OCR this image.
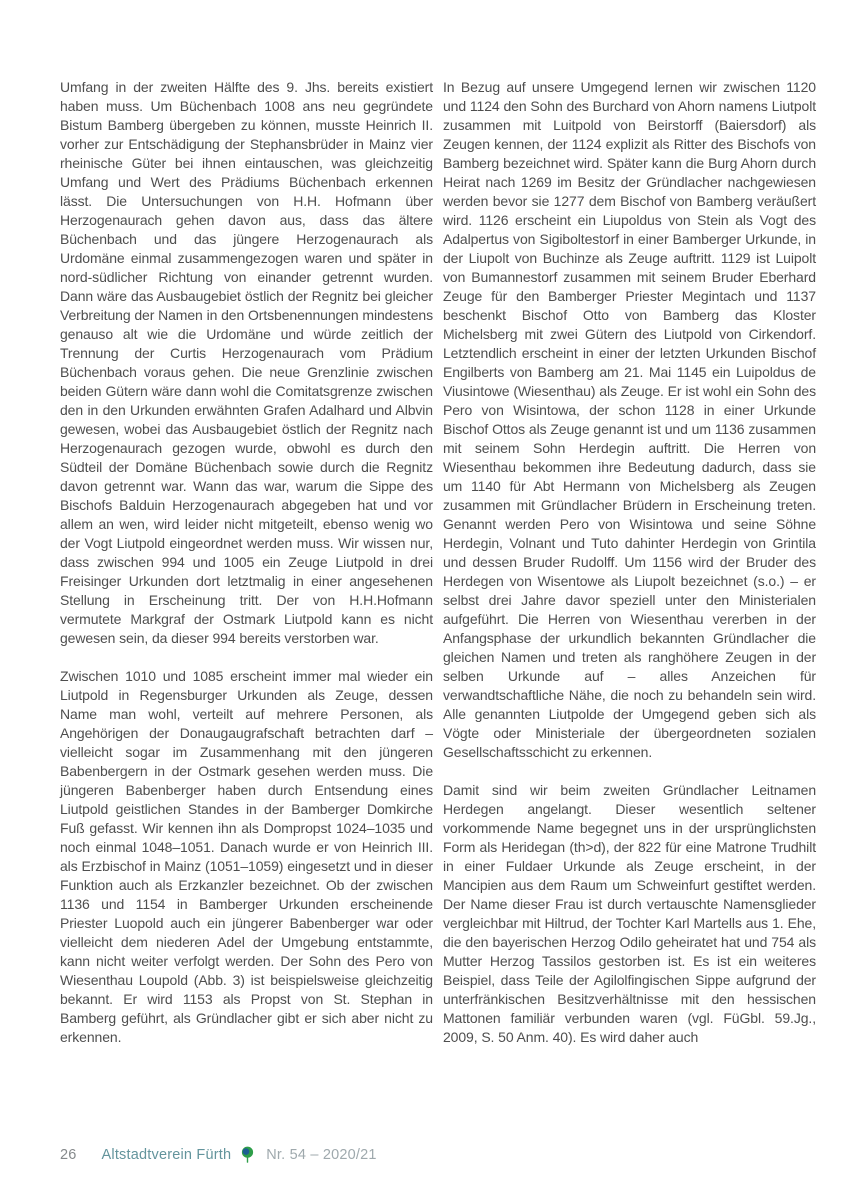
Umfang in der zweiten Hälfte des 9. Jhs. bereits existiert haben muss. Um Büchenbach 1008 ans neu gegründete Bistum Bamberg übergeben zu können, musste Heinrich II. vorher zur Entschädigung der Stephansbrüder in Mainz vier rheinische Güter bei ihnen eintauschen, was gleichzeitig Umfang und Wert des Prädiums Büchenbach erkennen lässt. Die Untersuchungen von H.H. Hofmann über Herzogenaurach gehen davon aus, dass das ältere Büchenbach und das jüngere Herzogenaurach als Urdomäne einmal zusammengezogen waren und später in nord-südlicher Richtung von einander getrennt wurden. Dann wäre das Ausbaugebiet östlich der Regnitz bei gleicher Verbreitung der Namen in den Ortsbenennungen mindestens genauso alt wie die Urdomäne und würde zeitlich der Trennung der Curtis Herzogenaurach vom Prädium Büchenbach voraus gehen. Die neue Grenzlinie zwischen beiden Gütern wäre dann wohl die Comitatsgrenze zwischen den in den Urkunden erwähnten Grafen Adalhard und Albvin gewesen, wobei das Ausbaugebiet östlich der Regnitz nach Herzogenaurach gezogen wurde, obwohl es durch den Südteil der Domäne Büchenbach sowie durch die Regnitz davon getrennt war. Wann das war, warum die Sippe des Bischofs Balduin Herzogenaurach abgegeben hat und vor allem an wen, wird leider nicht mitgeteilt, ebenso wenig wo der Vogt Liutpold eingeordnet werden muss. Wir wissen nur, dass zwischen 994 und 1005 ein Zeuge Liutpold in drei Freisinger Urkunden dort letztmalig in einer angesehenen Stellung in Erscheinung tritt. Der von H.H.Hofmann vermutete Markgraf der Ostmark Liutpold kann es nicht gewesen sein, da dieser 994 bereits verstorben war.

Zwischen 1010 und 1085 erscheint immer mal wieder ein Liutpold in Regensburger Urkunden als Zeuge, dessen Name man wohl, verteilt auf mehrere Personen, als Angehörigen der Donaugaugrafschaft betrachten darf – vielleicht sogar im Zusammenhang mit den jüngeren Babenbergern in der Ostmark gesehen werden muss. Die jüngeren Babenberger haben durch Entsendung eines Liutpold geistlichen Standes in der Bamberger Domkirche Fuß gefasst. Wir kennen ihn als Dompropst 1024–1035 und noch einmal 1048–1051. Danach wurde er von Heinrich III. als Erzbischof in Mainz (1051–1059) eingesetzt und in dieser Funktion auch als Erzkanzler bezeichnet. Ob der zwischen 1136 und 1154 in Bamberger Urkunden erscheinende Priester Luopold auch ein jüngerer Babenberger war oder vielleicht dem niederen Adel der Umgebung entstammte, kann nicht weiter verfolgt werden. Der Sohn des Pero von Wiesenthau Loupold (Abb. 3) ist beispielsweise gleichzeitig bekannt. Er wird 1153 als Propst von St. Stephan in Bamberg geführt, als Gründlacher gibt er sich aber nicht zu erkennen.

In Bezug auf unsere Umgegend lernen wir zwischen 1120 und 1124 den Sohn des Burchard von Ahorn namens Liutpolt zusammen mit Luitpold von Beirstorff (Baiersdorf) als Zeugen kennen, der 1124 explizit als Ritter des Bischofs von Bamberg bezeichnet wird. Später kann die Burg Ahorn durch Heirat nach 1269 im Besitz der Gründlacher nachgewiesen werden bevor sie 1277 dem Bischof von Bamberg veräußert wird. 1126 erscheint ein Liupoldus von Stein als Vogt des Adalpertus von Sigiboltestorf in einer Bamberger Urkunde, in der Liupolt von Buchinze als Zeuge auftritt. 1129 ist Luipolt von Bumannestorf zusammen mit seinem Bruder Eberhard Zeuge für den Bamberger Priester Megintach und 1137 beschenkt Bischof Otto von Bamberg das Kloster Michelsberg mit zwei Gütern des Liutpold von Cirkendorf. Letztendlich erscheint in einer der letzten Urkunden Bischof Engilberts von Bamberg am 21. Mai 1145 ein Luipoldus de Viusintowe (Wiesenthau) als Zeuge. Er ist wohl ein Sohn des Pero von Wisintowa, der schon 1128 in einer Urkunde Bischof Ottos als Zeuge genannt ist und um 1136 zusammen mit seinem Sohn Herdegin auftritt. Die Herren von Wiesenthau bekommen ihre Bedeutung dadurch, dass sie um 1140 für Abt Hermann von Michelsberg als Zeugen zusammen mit Gründlacher Brüdern in Erscheinung treten. Genannt werden Pero von Wisintowa und seine Söhne Herdegin, Volnant und Tuto dahinter Herdegin von Grintila und dessen Bruder Rudolff. Um 1156 wird der Bruder des Herdegen von Wisentowe als Liupolt bezeichnet (s.o.) – er selbst drei Jahre davor speziell unter den Ministerialen aufgeführt. Die Herren von Wiesenthau vererben in der Anfangsphase der urkundlich bekannten Gründlacher die gleichen Namen und treten als ranghöhere Zeugen in der selben Urkunde auf – alles Anzeichen für verwandtschaftliche Nähe, die noch zu behandeln sein wird. Alle genannten Liutpolde der Umgegend geben sich als Vögte oder Ministeriale der übergeordneten sozialen Gesellschaftsschicht zu erkennen.

Damit sind wir beim zweiten Gründlacher Leitnamen Herdegen angelangt. Dieser wesentlich seltener vorkommende Name begegnet uns in der ursprünglichsten Form als Heridegan (th>d), der 822 für eine Matrone Trudhilt in einer Fuldaer Urkunde als Zeuge erscheint, in der Mancipien aus dem Raum um Schweinfurt gestiftet werden. Der Name dieser Frau ist durch vertauschte Namensglieder vergleichbar mit Hiltrud, der Tochter Karl Martells aus 1. Ehe, die den bayerischen Herzog Odilo geheiratet hat und 754 als Mutter Herzog Tassilos gestorben ist. Es ist ein weiteres Beispiel, dass Teile der Agilolfingischen Sippe aufgrund der unterfränkischen Besitzverhältnisse mit den hessischen Mattonen familiär verbunden waren (vgl. FüGbl. 59.Jg., 2009, S. 50 Anm. 40). Es wird daher auch

26 Altstadtverein Fürth Nr. 54 – 2020/21
